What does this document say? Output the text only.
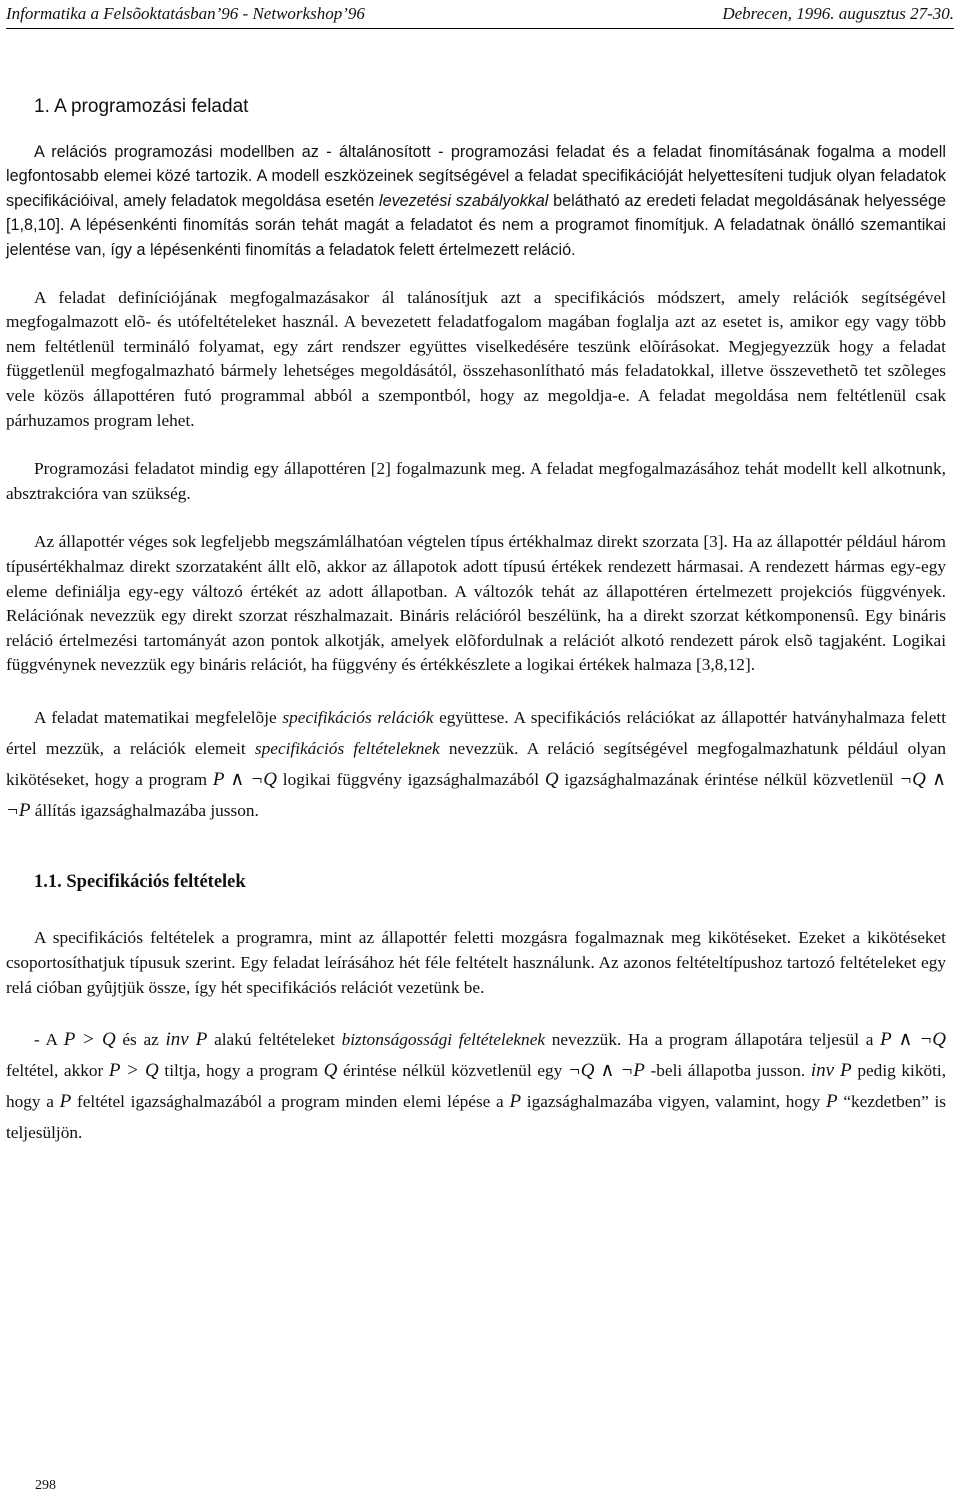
Informatika a Felsõoktatásban’96 - Networkshop’96	Debrecen, 1996. augusztus 27-30.
1. A programozási feladat

A relációs programozási modellben az - általánosított - programozási feladat és a feladat finomításának fogalma a modell legfontosabb elemei közé tartozik. A modell eszközeinek segítségével a feladat specifikációját helyettesíteni tudjuk olyan feladatok specifikációival, amely feladatok megoldása esetén levezetési szabályokkal belátható az eredeti feladat megoldásának helyessége [1,8,10]. A lépésenkénti finomítás során tehát magát a feladatot és nem a programot finomítjuk. A feladatnak önálló szemantikai jelentése van, így a lépésenkénti finomítás a feladatok felett értelmezett reláció.

A feladat definíciójának megfogalmazásakor ál talánosítjuk azt a specifikációs módszert, amely relációk segítségével megfogalmazott elõ- és utófeltételeket használ. A bevezetett feladatfogalom magában foglalja azt az esetet is, amikor egy vagy több nem feltétlenül termináló folyamat, egy zárt rendszer együttes viselkedésére teszünk elõírásokat. Megjegyezzük hogy a feladat függetlenül megfogalmazható bármely lehetséges megoldásától, összehasonlítható más feladatokkal, illetve összevethetõ tet szõleges vele közös állapottéren futó programmal abból a szempontból, hogy az megoldja-e. A feladat megoldása nem feltétlenül csak párhuzamos program lehet.

Programozási feladatot mindig egy állapottéren [2] fogalmazunk meg. A feladat megfogalmazásához tehát modellt kell alkotnunk, absztrakcióra van szükség.

Az állapottér véges sok legfeljebb megszámlálhatóan végtelen típus értékhalmaz direkt szorzata [3]. Ha az állapottér például három típusértékhalmaz direkt szorzataként állt elõ, akkor az állapotok adott típusú értékek rendezett hármasai. A rendezett hármas egy-egy eleme definiálja egy-egy változó értékét az adott állapotban. A változók tehát az állapottéren értelmezett projekciós függvények. Relációnak nevezzük egy direkt szorzat részhalmazait. Bináris relációról beszélünk, ha a direkt szorzat kétkomponensû. Egy bináris reláció értelmezési tartományát azon pontok alkotják, amelyek elõfordulnak a relációt alkotó rendezett párok elsõ tagjaként. Logikai függvénynek nevezzük egy bináris relációt, ha függvény és értékkészlete a logikai értékek halmaza [3,8,12].

A feladat matematikai megfelelõje specifikációs relációk együttese. A specifikációs relációkat az állapottér hatványhalmaza felett értel mezzük, a relációk elemeit specifikációs feltételeknek nevezzük. A reláció segítségével megfogalmazhatunk például olyan kikötéseket, hogy a program P ∧ ¬Q logikai függvény igazsághalmazából Q igazsághalmazának érintése nélkül közvetlenül ¬Q ∧ ¬P állítás igazsághalmazába jusson.

1.1. Specifikációs feltételek

A specifikációs feltételek a programra, mint az állapottér feletti mozgásra fogalmaznak meg kikötéseket. Ezeket a kikötéseket csoportosíthatjuk típusuk szerint. Egy feladat leírásához hét féle feltételt használunk. Az azonos feltételtípushoz tartozó feltételeket egy relá cióban gyûjtjük össze, így hét specifikációs relációt vezetünk be.

- A P > Q és az inv P alakú feltételeket biztonságossági feltételeknek nevezzük. Ha a program állapotára teljesül a P ∧ ¬Q feltétel, akkor P > Q tiltja, hogy a program Q érintése nélkül közvetlenül egy ¬Q ∧ ¬P -beli állapotba jusson. inv P pedig kiköti, hogy a P feltétel igazsághalmazából a program minden elemi lépése a P igazsághalmazába vigyen, valamint, hogy P “kezdetben” is teljesüljön.

298
